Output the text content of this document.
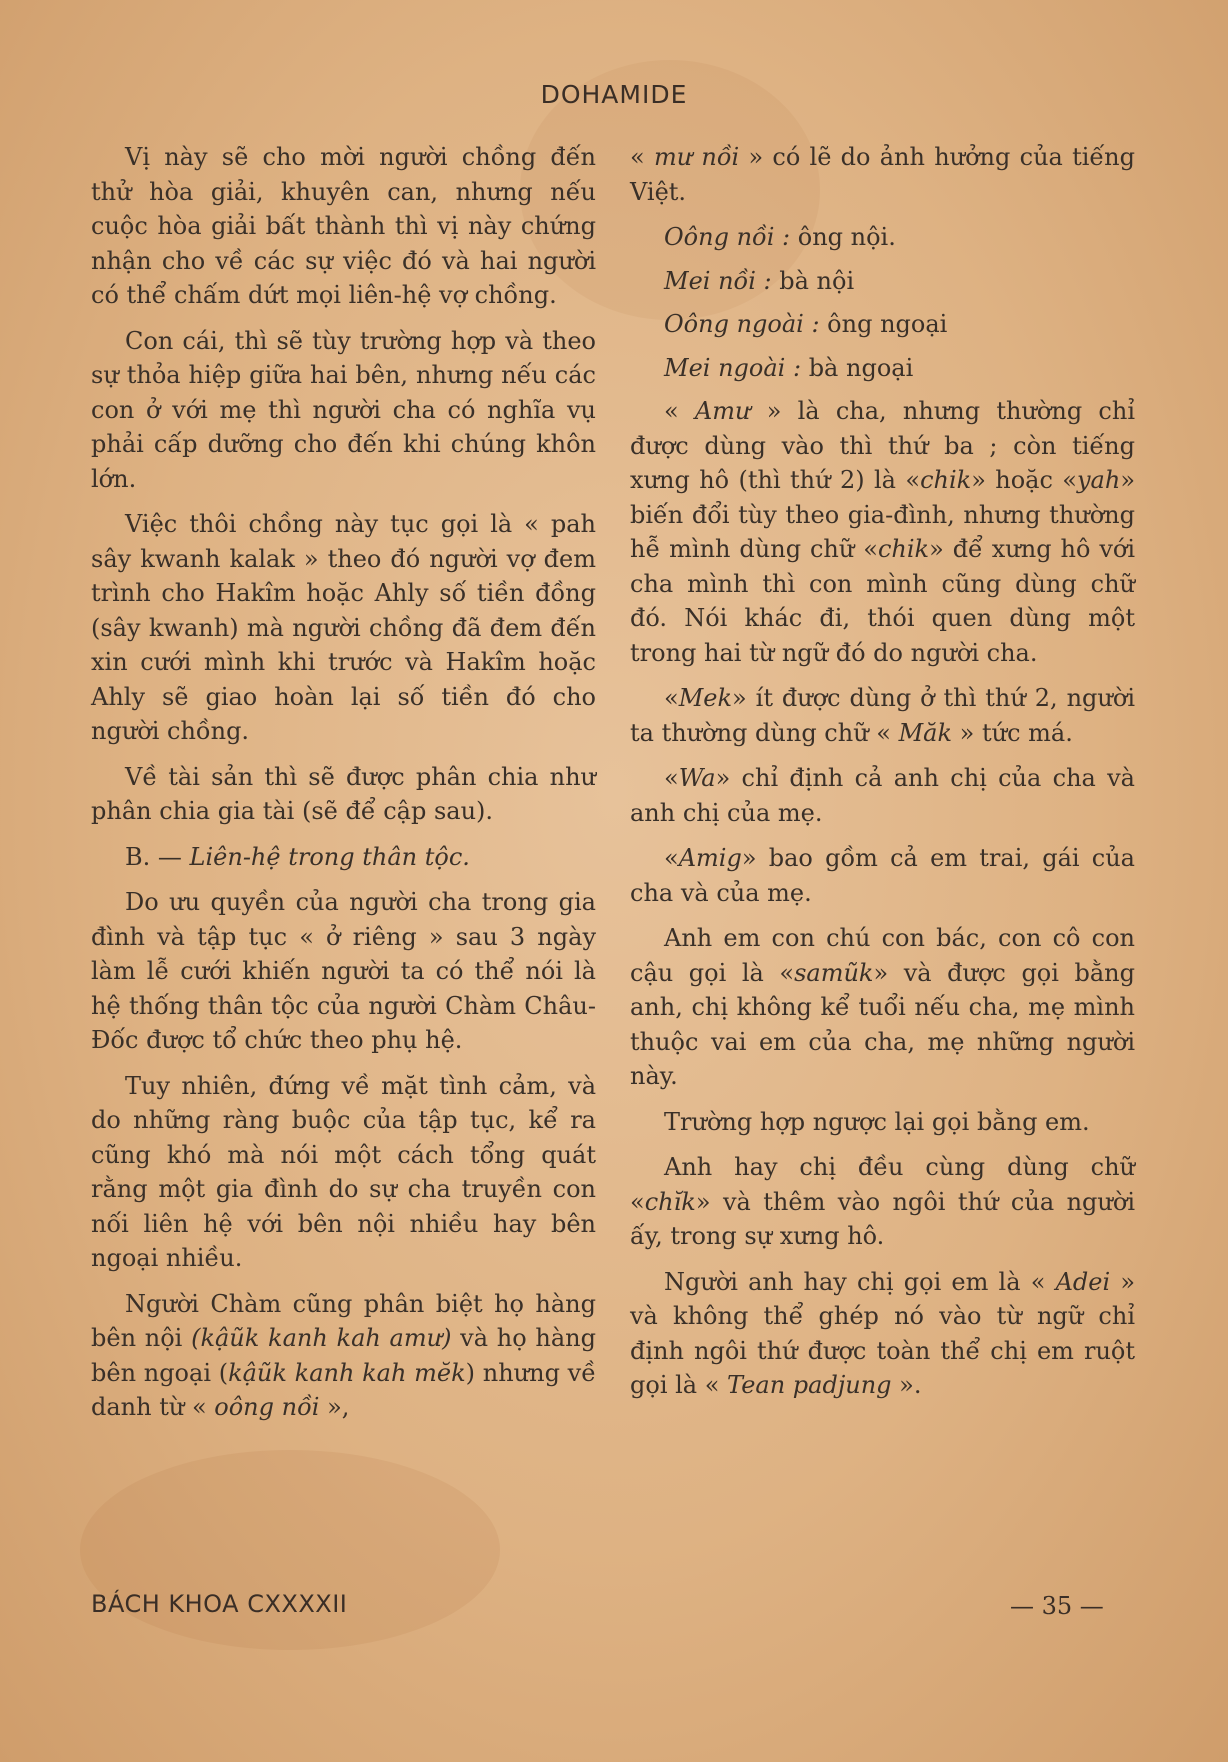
DOHAMIDE

Vị này sẽ cho mời người chồng đến thử hòa giải, khuyên can, nhưng nếu cuộc hòa giải bất thành thì vị này chứng nhận cho về các sự việc đó và hai người có thể chấm dứt mọi liên-hệ vợ chồng.

Con cái, thì sẽ tùy trường hợp và theo sự thỏa hiệp giữa hai bên, nhưng nếu các con ở với mẹ thì người cha có nghĩa vụ phải cấp dưỡng cho đến khi chúng khôn lớn.

Việc thôi chồng này tục gọi là « pah sây kwanh kalak » theo đó người vợ đem trình cho Hakîm hoặc Ahly số tiền đồng (sây kwanh) mà người chồng đã đem đến xin cưới mình khi trước và Hakîm hoặc Ahly sẽ giao hoàn lại số tiền đó cho người chồng.

Về tài sản thì sẽ được phân chia như phân chia gia tài (sẽ để cập sau).

B. — Liên-hệ trong thân tộc.

Do ưu quyền của người cha trong gia đình và tập tục « ở riêng » sau 3 ngày làm lễ cưới khiến người ta có thể nói là hệ thống thân tộc của người Chàm Châu-Đốc được tổ chức theo phụ hệ.

Tuy nhiên, đứng về mặt tình cảm, và do những ràng buộc của tập tục, kể ra cũng khó mà nói một cách tổng quát rằng một gia đình do sự cha truyền con nối liên hệ với bên nội nhiều hay bên ngoại nhiều.

Người Chàm cũng phân biệt họ hàng bên nội (kậũk kanh kah amư) và họ hàng bên ngoại (kậũk kanh kah mĕk) nhưng về danh từ « oông nồi »,

« mư nồi » có lẽ do ảnh hưởng của tiếng Việt.

Oông nồi : ông nội.

Mei nồi : bà nội

Oông ngoài : ông ngoại

Mei ngoài : bà ngoại

« Amư » là cha, nhưng thường chỉ được dùng vào thì thứ ba ; còn tiếng xưng hô (thì thứ 2) là «chik» hoặc «yah» biến đổi tùy theo gia-đình, nhưng thường hễ mình dùng chữ «chik» để xưng hô với cha mình thì con mình cũng dùng chữ đó. Nói khác đi, thói quen dùng một trong hai từ ngữ đó do người cha.

«Mek» ít được dùng ở thì thứ 2, người ta thường dùng chữ « Măk » tức má.

«Wa» chỉ định cả anh chị của cha và anh chị của mẹ.

«Amig» bao gồm cả em trai, gái của cha và của mẹ.

Anh em con chú con bác, con cô con cậu gọi là «samũk» và được gọi bằng anh, chị không kể tuổi nếu cha, mẹ mình thuộc vai em của cha, mẹ những người này.

Trường hợp ngược lại gọi bằng em.

Anh hay chị đều cùng dùng chữ «chĭk» và thêm vào ngôi thứ của người ấy, trong sự xưng hô.

Người anh hay chị gọi em là « Adei » và không thể ghép nó vào từ ngữ chỉ định ngôi thứ được toàn thể chị em ruột gọi là « Tean padjung ».

BÁCH KHOA CXXXXII	— 35 —
